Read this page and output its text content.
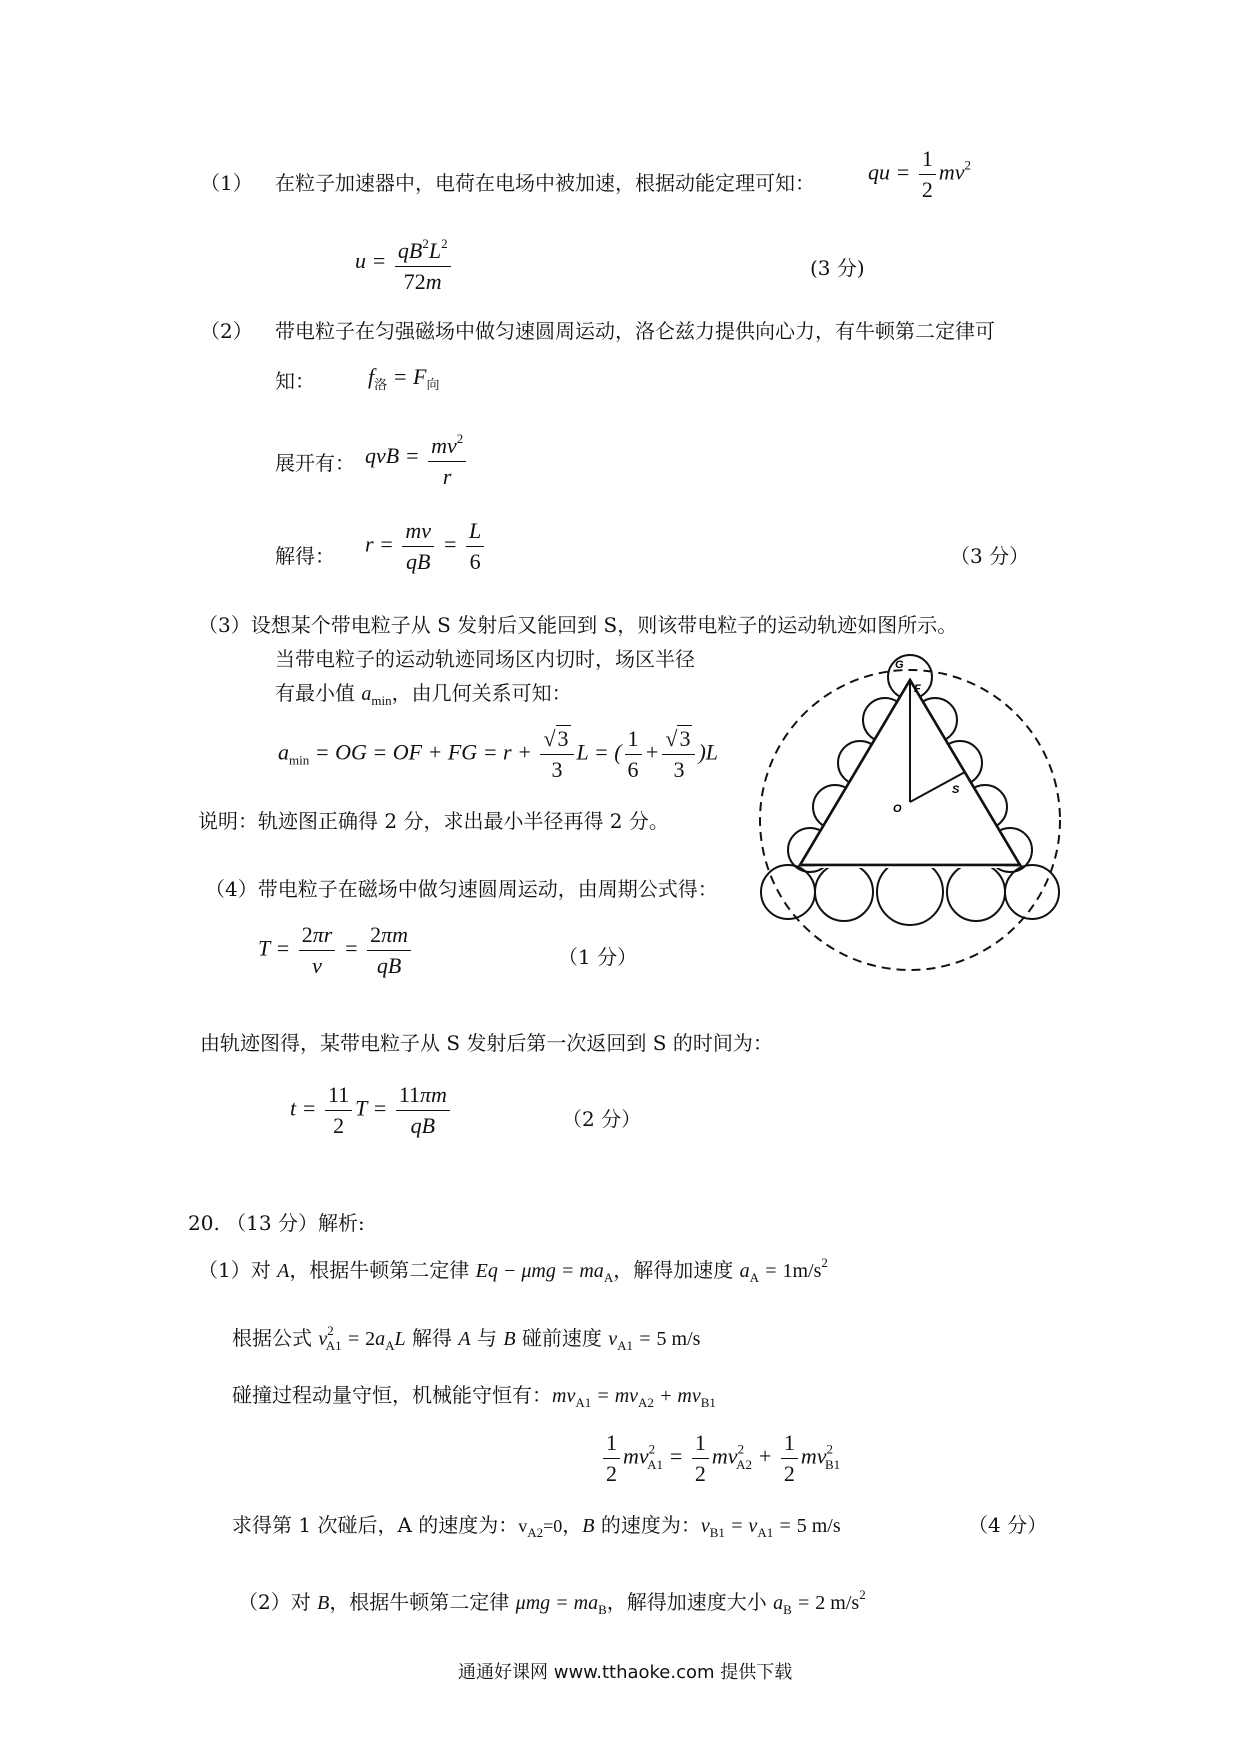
（1） 在粒子加速器中，电荷在电场中被加速，根据动能定理可知： qu = $\frac{1}{2} mv^2$
$u = \frac{qB^2L^2}{72m}$	(3 分)
（2） 带电粒子在匀强磁场中做匀速圆周运动，洛仑兹力提供向心力，有牛顿第二定律可
知： $f_洛 = F_向$
展开有： qvB = $\frac{mv^2}{r}$
解得： $r = \frac{mv}{qB} = \frac{L}{6}$	（3 分）
（3）设想某个带电粒子从 S 发射后又能回到 S，则该带电粒子的运动轨迹如图所示。
当带电粒子的运动轨迹同场区内切时，场区半径
有最小值 $a_{min}$，由几何关系可知：
$a_{min}$ = OG = OF + FG = $r + \frac{√3}{3}$ L = ( $\frac{1}{6} + \frac{√3}{3} )L$
说明：轨迹图正确得 2 分，求出最小半径再得 2 分。
G
F
O
S
（4）带电粒子在磁场中做匀速圆周运动，由周期公式得：
$T = \frac{2\pi r}{v} = \frac{2\pi m}{qB}$	（1 分）
由轨迹图得，某带电粒子从 S 发射后第一次返回到 S 的时间为：
$t = \frac{11}{2}$ $T = \frac{11\pi m}{qB}$	（2 分）
20. （13 分）解析:
（1）对 A，根据牛顿第二定律 $Eq - \mu mg = ma_A$，解得加速度 $a_A = 1m/s^2$
根据公式 $v^2_{A1} = 2a_AL$ 解得 A 与 B 碰前速度 $v_{A1} = 5$ m/s
碰撞过程动量守恒，机械能守恒有：$mv_{A1} = mv_{A2} + mv_{B1}$
$\frac{1}{2} mv^2_{A1} = \frac{1}{2} mv^2_{A2} + \frac{1}{2} mv^2_{B1}$
求得第 1 次碰后，A 的速度为：$v_{A2}=0$，B 的速度为：$v_{B1} = v_{A1} = 5$ m/s	（4 分）
（2）对 B，根据牛顿第二定律 $\mu mg = ma_B$，解得加速度大小 $a_B = 2$ $m/s^2$
通通好课网 www.tthaoke.com 提供下载
